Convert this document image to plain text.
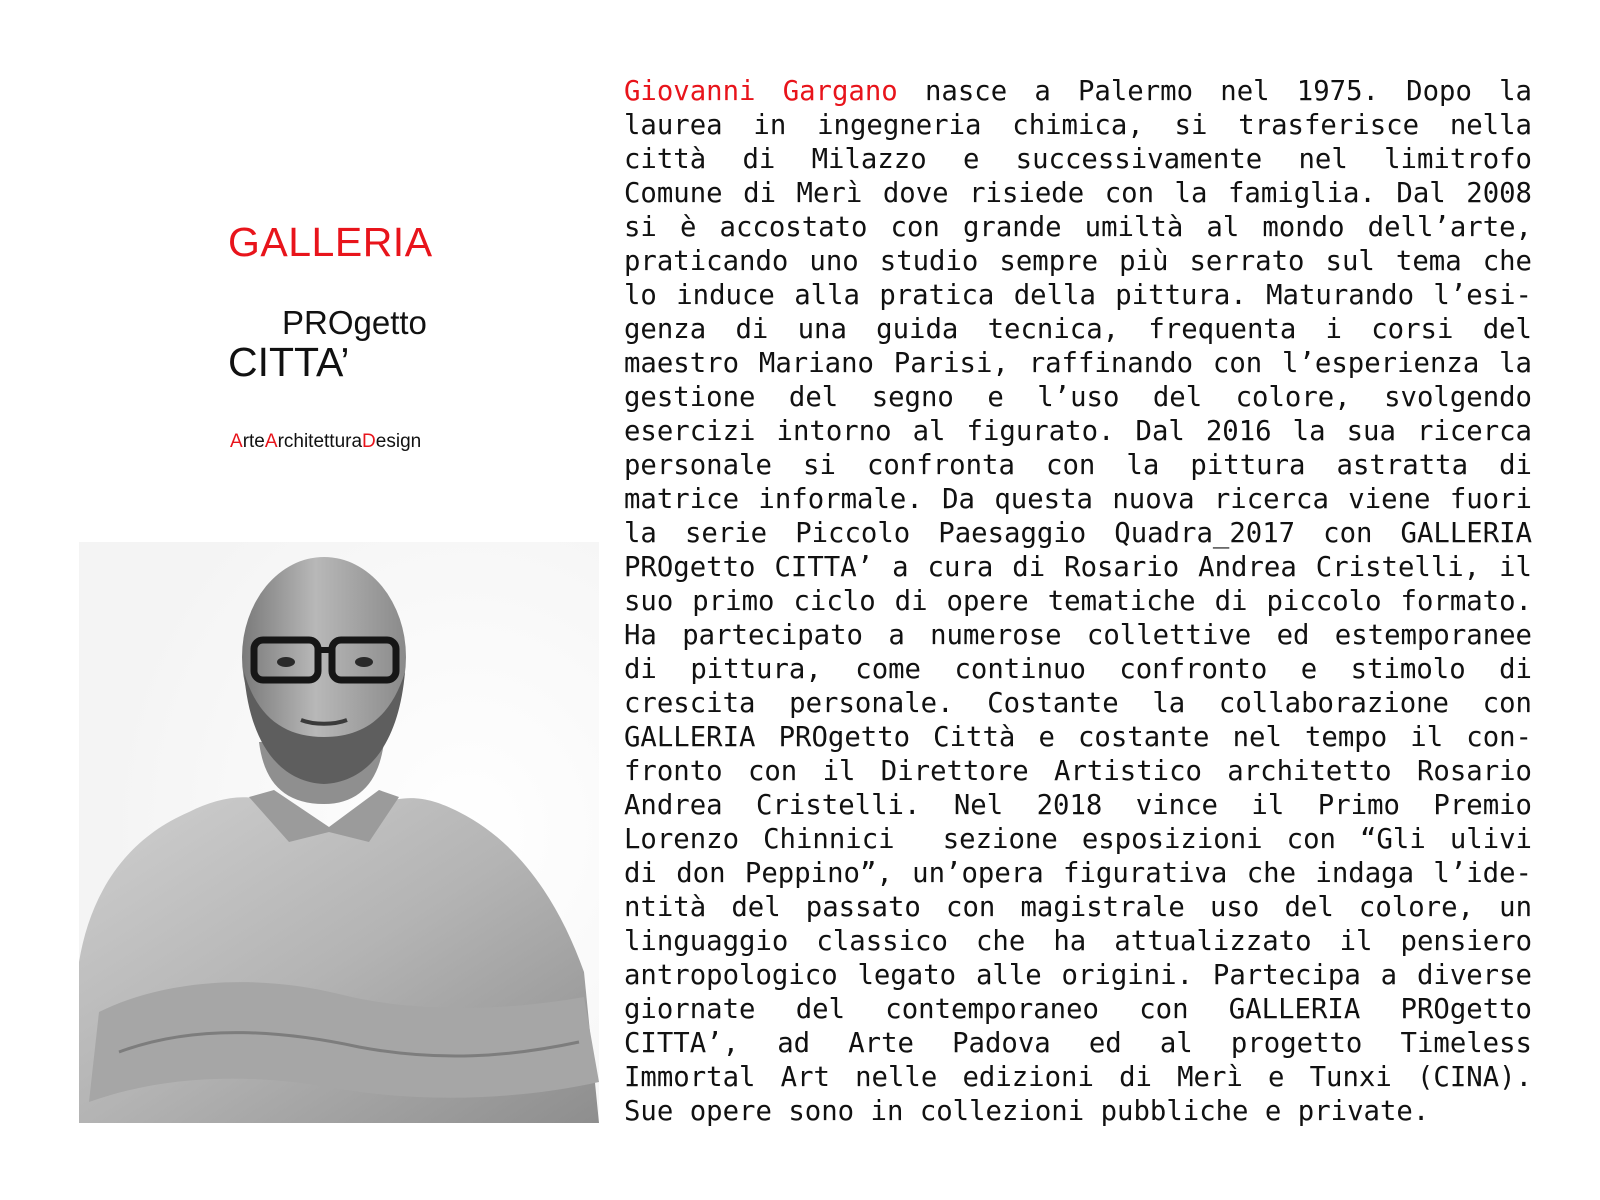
GALLERIA
PROgetto
CITTA’
ArteArchitetturaDesign
Giovanni Gargano nasce a Palermo nel 1975. Dopo la
laurea in ingegneria chimica, si trasferisce nella
città di Milazzo e successivamente nel limitrofo
Comune di Merì dove risiede con la famiglia. Dal 2008
si è accostato con grande umiltà al mondo dell’arte,
praticando uno studio sempre più serrato sul tema che
lo induce alla pratica della pittura. Maturando l’esi-
genza di una guida tecnica, frequenta i corsi del
maestro Mariano Parisi, raffinando con l’esperienza la
gestione del segno e l’uso del colore, svolgendo
esercizi intorno al figurato. Dal 2016 la sua ricerca
personale si confronta con la pittura astratta di
matrice informale. Da questa nuova ricerca viene fuori
la serie Piccolo Paesaggio Quadra_2017 con GALLERIA
PROgetto CITTA’ a cura di Rosario Andrea Cristelli, il
suo primo ciclo di opere tematiche di piccolo formato.
Ha partecipato a numerose collettive ed estemporanee
di pittura, come continuo confronto e stimolo di
crescita personale. Costante la collaborazione con
GALLERIA PROgetto Città e costante nel tempo il con-
fronto con il Direttore Artistico architetto Rosario
Andrea Cristelli. Nel 2018 vince il Primo Premio
Lorenzo Chinnici  sezione esposizioni con “Gli ulivi
di don Peppino”, un’opera figurativa che indaga l’ide-
ntità del passato con magistrale uso del colore, un
linguaggio classico che ha attualizzato il pensiero
antropologico legato alle origini. Partecipa a diverse
giornate del contemporaneo con GALLERIA PROgetto
CITTA’, ad Arte Padova ed al progetto Timeless
Immortal Art nelle edizioni di Merì e Tunxi (CINA).
Sue opere sono in collezioni pubbliche e private.
